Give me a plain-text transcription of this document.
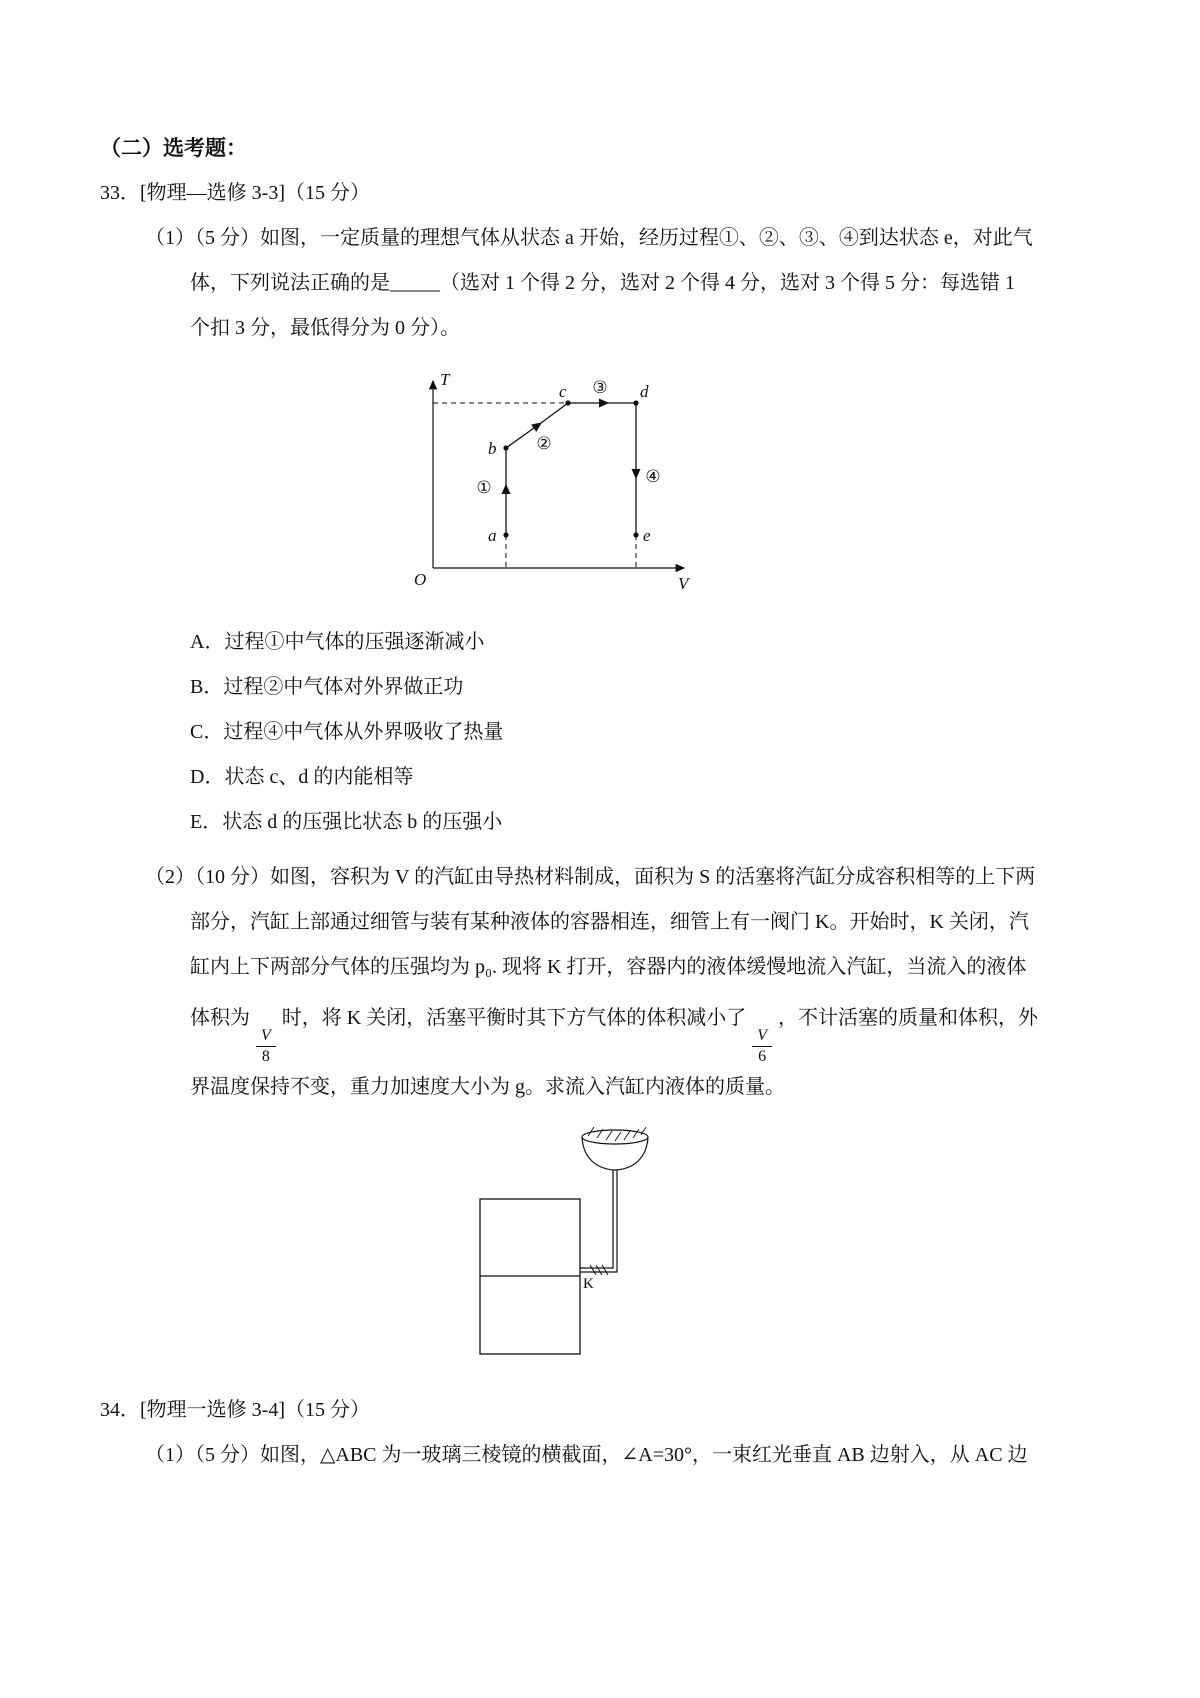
（二）选考题：
33．[物理—选修 3-3]（15 分）
（1）（5 分）如图，一定质量的理想气体从状态 a 开始，经历过程①、②、③、④到达状态 e，对此气
体，下列说法正确的是_____（选对 1 个得 2 分，选对 2 个得 4 分，选对 3 个得 5 分：每选错 1
个扣 3 分，最低得分为 0 分）。
T
V
O
a
b
c	d
e
①
②
③
④
A．过程①中气体的压强逐渐减小
B．过程②中气体对外界做正功
C．过程④中气体从外界吸收了热量
D．状态 c、d 的内能相等
E．状态 d 的压强比状态 b 的压强小
（2）（10 分）如图，容积为 V 的汽缸由导热材料制成，面积为 S 的活塞将汽缸分成容积相等的上下两
部分，汽缸上部通过细管与装有某种液体的容器相连，细管上有一阀门 K。开始时，K 关闭，汽
缸内上下两部分气体的压强均为 p₀. 现将 K 打开，容器内的液体缓慢地流入汽缸，当流入的液体
体积为
$\frac{V}{8}$
时，将 K 关闭，活塞平衡时其下方气体的体积减小了
$\frac{V}{6}$
，不计活塞的质量和体积，外
界温度保持不变，重力加速度大小为 g。求流入汽缸内液体的质量。
K
34．[物理一选修 3-4]（15 分）
（1）（5 分）如图，△ABC 为一玻璃三棱镜的横截面，∠A=30°，一束红光垂直 AB 边射入，从 AC 边
